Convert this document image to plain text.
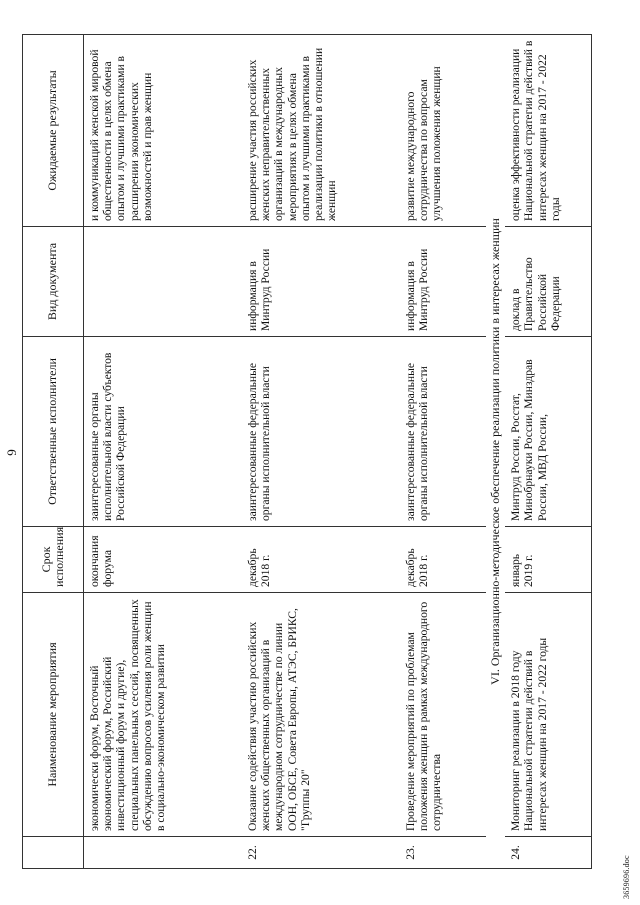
9
	Наименование мероприятия	Срок исполнения	Ответственные исполнители	Вид документа	Ожидаемые результаты
	экономически форум, Восточный экономический форум, Российский инвестиционный форум и другие), специальных панельных сессий, посвященных обсуждению вопросов усиления роли женщин в социально-экономическом развитии	окончания форума	заинтересованные органы исполнительной власти субъектов Российской Федерации		и коммуникаций женской мировой общественности в целях обмена опытом и лучшими практиками в расширении экономических возможностей и прав женщин
22.	Оказание содействия участию российских женских общественных организаций в международном сотрудничестве по линии ООН, ОБСЕ, Совета Европы, АТЭС, БРИКС, "Группы 20"	декабрь 2018 г.	заинтересованные федеральные органы исполнительной власти	информация в Минтруд России	расширение участия российских женских неправительственных организаций в международных мероприятиях в целях обмена опытом и лучшими практиками в реализации политики в отношении женщин
23.	Проведение мероприятий по проблемам положения женщин в рамках международного сотрудничества	декабрь 2018 г.	заинтересованные федеральные органы исполнительной власти	информация в Минтруд России	развитие международного сотрудничества по вопросам улучшения положения женщин
VI. Организационно-методическое обеспечение реализации политики в интересах женщин					
24.	Мониторинг реализации в 2018 году Национальной стратегии действий в интересах женщин на 2017 - 2022 годы	январь 2019 г.	Минтруд России, Росстат, Минобрнауки России, Минздрав России, МВД России,	доклад в Правительство Российской Федерации	оценка эффективности реализации Национальной стратегии действий в интересах женщин на 2017 - 2022 годы
3659696.doc
